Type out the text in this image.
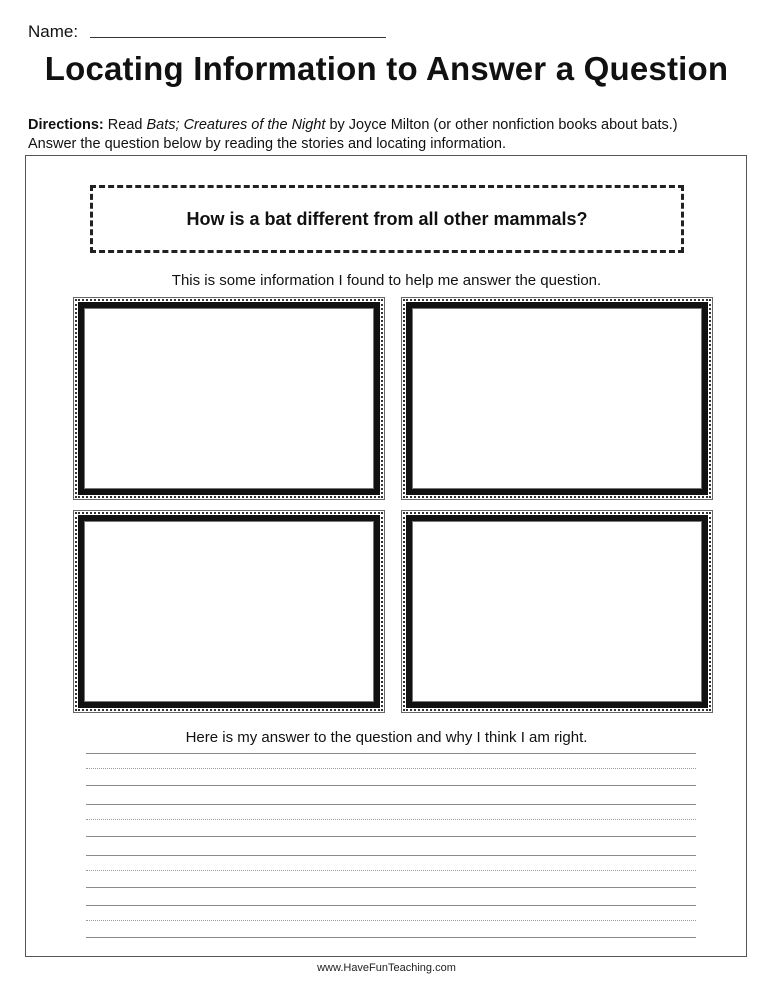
Name:
Locating Information to Answer a Question
Directions: Read Bats; Creatures of the Night by Joyce Milton (or other nonfiction books about bats.)
Answer the question below by reading the stories and locating information.
How is a bat different from all other mammals?
This is some information I found to help me answer the question.
Here is my answer to the question and why I think I am right.
www.HaveFunTeaching.com
